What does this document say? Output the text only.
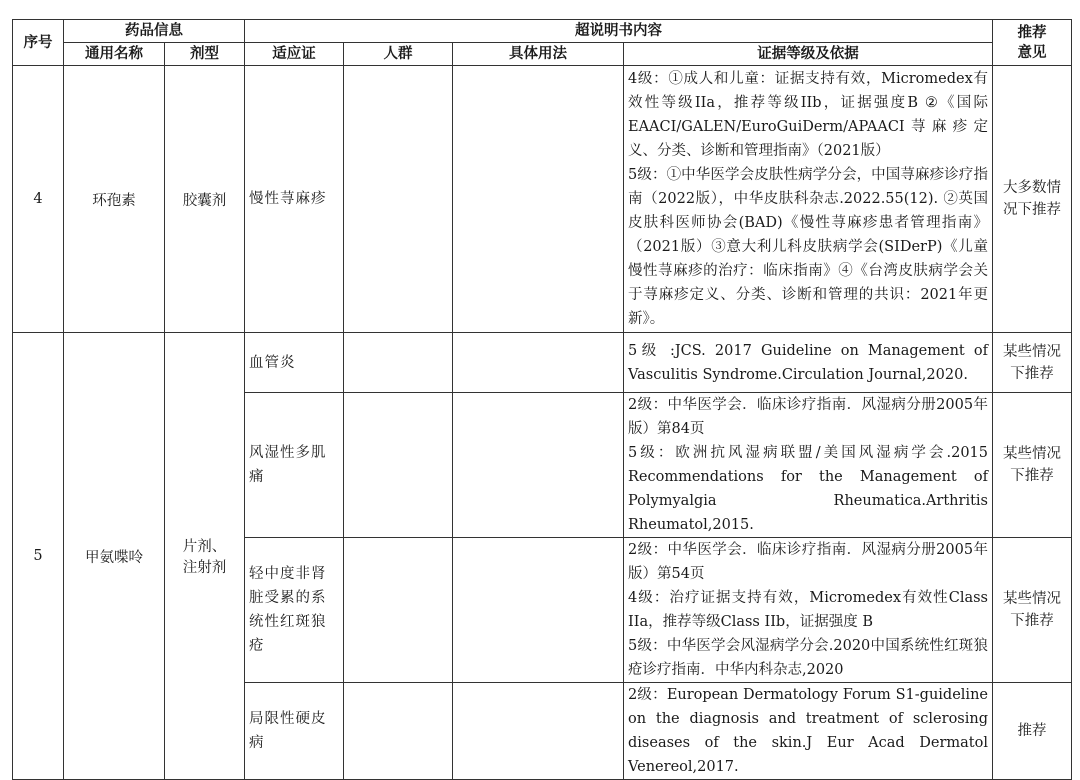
序号	药品信息		超说明书内容				推荐
意见
	通用名称	剂型	适应证	人群	具体用法	证据等级及依据	
4	环孢素	胶囊剂	慢性荨麻疹			4级：①成人和儿童：证据支持有效，Micromedex有效性等级IIa，推荐等级IIb，证据强度B ②《国际EAACI/GALEN/EuroGuiDerm/APAACI荨麻疹定义、分类、诊断和管理指南》（2021版）
5级：①中华医学会皮肤性病学分会，中国荨麻疹诊疗指南（2022版），中华皮肤科杂志.2022.55(12). ②英国皮肤科医师协会(BAD)《慢性荨麻疹患者管理指南》（2021版）③意大利儿科皮肤病学会(SIDerP)《儿童慢性荨麻疹的治疗：临床指南》④《台湾皮肤病学会关于荨麻疹定义、分类、诊断和管理的共识：2021年更新》。	大多数情况下推荐
5	甲氨喋呤	片剂、
注射剂	血管炎			5级 :JCS. 2017 Guideline on Management of Vasculitis Syndrome.Circulation Journal,2020.	某些情况下推荐
			风湿性多肌痛			2级：中华医学会．临床诊疗指南．风湿病分册2005年版）第84页
5级：欧洲抗风湿病联盟/美国风湿病学会.2015 Recommendations for the Management of Polymyalgia Rheumatica.Arthritis Rheumatol,2015.	某些情况下推荐
			轻中度非肾脏受累的系统性红斑狼疮			2级：中华医学会．临床诊疗指南．风湿病分册2005年版）第54页
4级：治疗证据支持有效，Micromedex有效性Class IIa，推荐等级Class IIb，证据强度 B
5级：中华医学会风湿病学分会.2020中国系统性红斑狼疮诊疗指南．中华内科杂志,2020	某些情况下推荐
			局限性硬皮病			2级：European Dermatology Forum S1-guideline on the diagnosis and treatment of sclerosing diseases of the skin.J Eur Acad Dermatol Venereol,2017.	推荐
